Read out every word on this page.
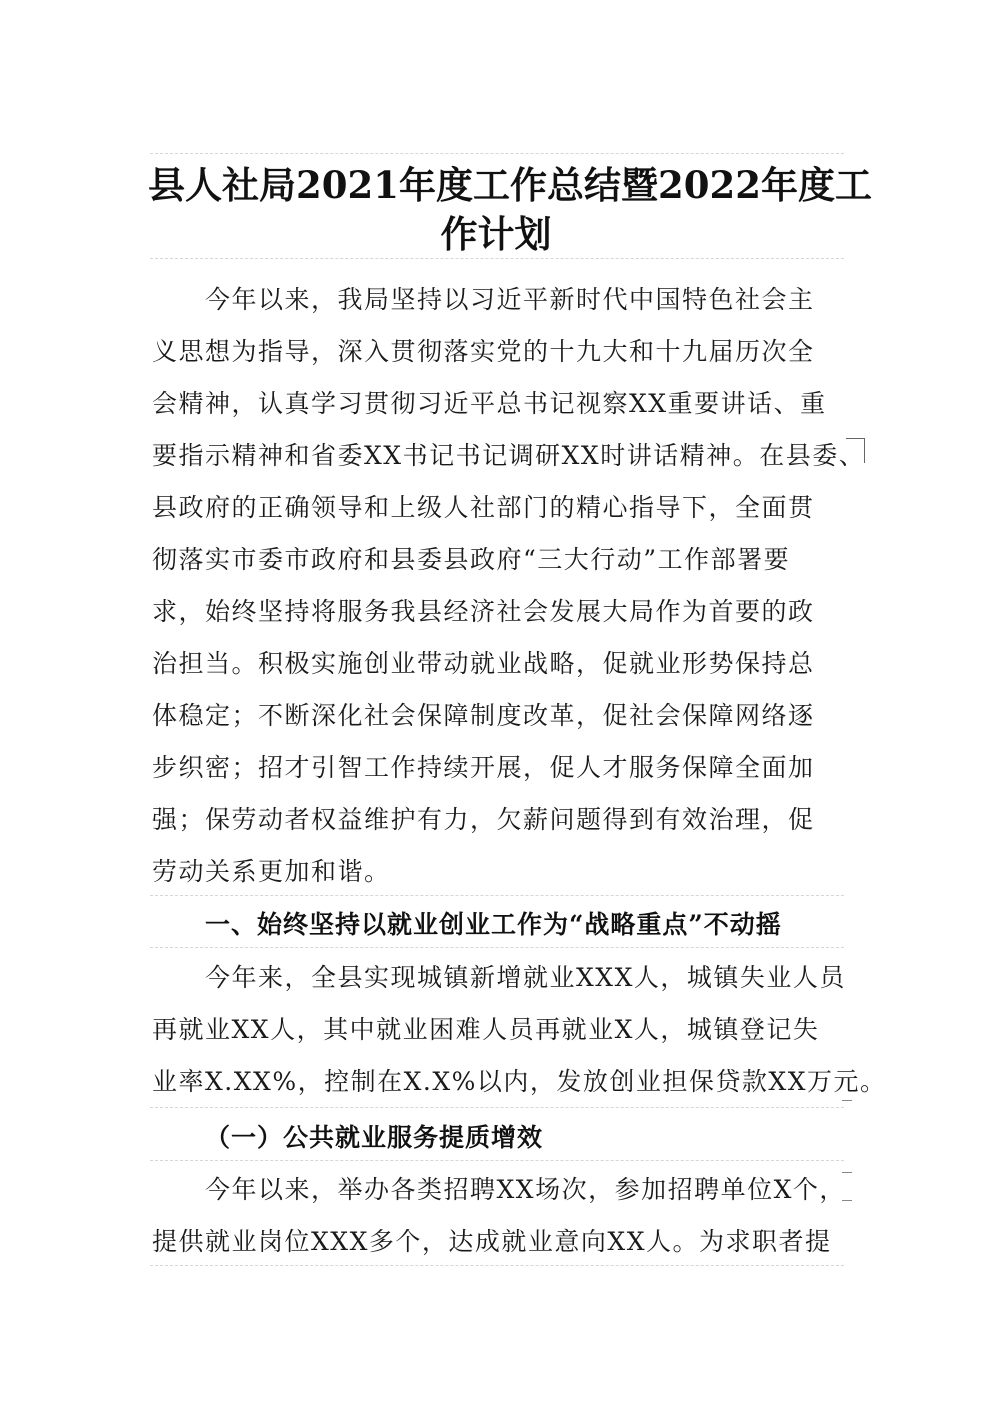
县人社局2021年度工作总结暨2022年度工
作计划
今年以来，我局坚持以习近平新时代中国特色社会主
义思想为指导，深入贯彻落实党的十九大和十九届历次全
会精神，认真学习贯彻习近平总书记视察XX重要讲话、重
要指示精神和省委XX书记书记调研XX时讲话精神。在县委、
县政府的正确领导和上级人社部门的精心指导下，全面贯
彻落实市委市政府和县委县政府“三大行动”工作部署要
求，始终坚持将服务我县经济社会发展大局作为首要的政
治担当。积极实施创业带动就业战略，促就业形势保持总
体稳定；不断深化社会保障制度改革，促社会保障网络逐
步织密；招才引智工作持续开展，促人才服务保障全面加
强；保劳动者权益维护有力，欠薪问题得到有效治理，促
劳动关系更加和谐。
一、始终坚持以就业创业工作为“战略重点”不动摇
今年来，全县实现城镇新增就业XXX人，城镇失业人员
再就业XX人，其中就业困难人员再就业X人，城镇登记失
业率X.XX%，控制在X.X%以内，发放创业担保贷款XX万元。
（一）公共就业服务提质增效
今年以来，举办各类招聘XX场次，参加招聘单位X个，
提供就业岗位XXX多个，达成就业意向XX人。为求职者提
